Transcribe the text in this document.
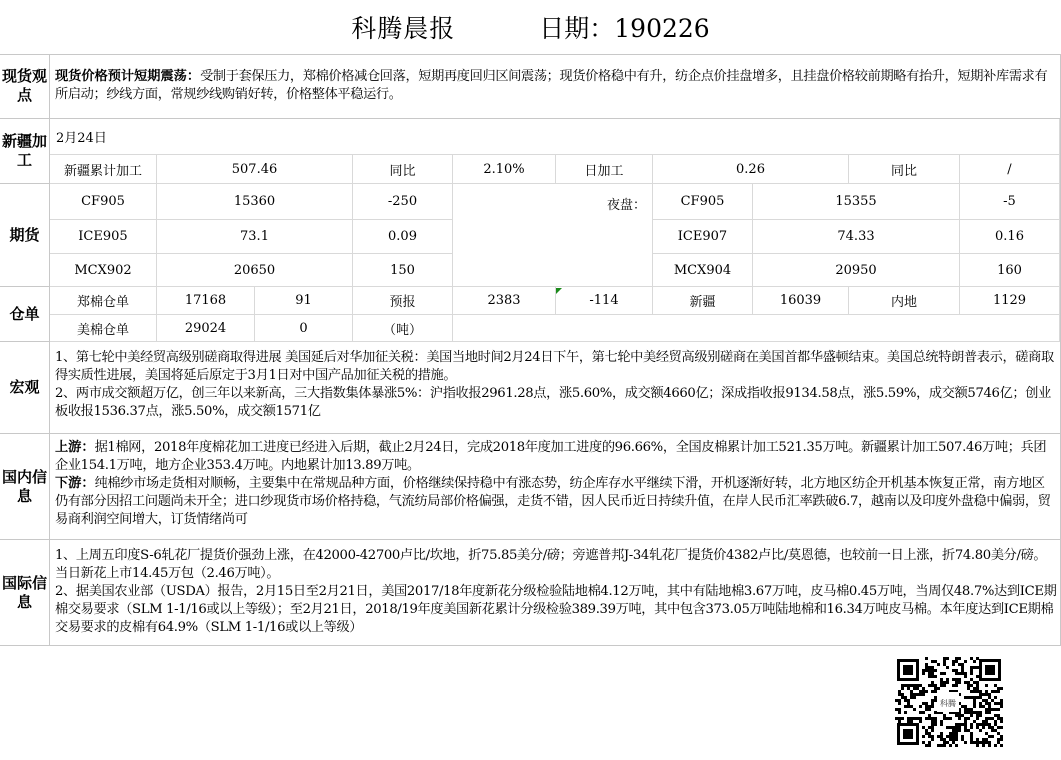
科腾晨报	日期：190226
现货观点
现货价格预计短期震荡：受制于套保压力，郑棉价格减仓回落，短期再度回归区间震荡；现货价格稳中有升，纺企点价挂盘增多，且挂盘价格较前期略有抬升，短期补库需求有所启动；纱线方面，常规纱线购销好转，价格整体平稳运行。
新疆加工
2月24日
新疆累计加工	507.46	同比	2.10%	日加工	0.26	同比	/
期货
CF905	15360	-250	夜盘：	CF905	15355	-5
ICE905	73.1	0.09	ICE907	74.33	0.16
MCX902	20650	150	MCX904	20950	160
仓单
郑棉仓单	17168	91	预报	2383	-114	新疆	16039	内地	1129
美棉仓单	29024	0	（吨）
宏观
1、第七轮中美经贸高级别磋商取得进展 美国延后对华加征关税：美国当地时间2月24日下午，第七轮中美经贸高级别磋商在美国首都华盛顿结束。美国总统特朗普表示，磋商取得实质性进展，美国将延后原定于3月1日对中国产品加征关税的措施。
2、两市成交额超万亿，创三年以来新高，三大指数集体暴涨5%：沪指收报2961.28点，涨5.60%，成交额4660亿；深成指收报9134.58点，涨5.59%，成交额5746亿；创业板收报1536.37点，涨5.50%，成交额1571亿
国内信息
上游：据1棉网，2018年度棉花加工进度已经进入后期，截止2月24日，完成2018年度加工进度的96.66%，全国皮棉累计加工521.35万吨。新疆累计加工507.46万吨；兵团企业154.1万吨，地方企业353.4万吨。内地累计加13.89万吨。
下游：纯棉纱市场走货相对顺畅，主要集中在常规品种方面，价格继续保持稳中有涨态势，纺企库存水平继续下滑，开机逐渐好转，北方地区纺企开机基本恢复正常，南方地区仍有部分因招工问题尚未开全；进口纱现货市场价格持稳，气流纺局部价格偏强，走货不错，因人民币近日持续升值，在岸人民币汇率跌破6.7，越南以及印度外盘稳中偏弱，贸易商利润空间增大，订货情绪尚可
国际信息
1、上周五印度S-6轧花厂提货价强劲上涨，在42000-42700卢比/坎地，折75.85美分/磅；旁遮普邦J-34轧花厂提货价4382卢比/莫恩德，也较前一日上涨，折74.80美分/磅。当日新花上市14.45万包（2.46万吨）。
2、据美国农业部（USDA）报告，2月15日至2月21日，美国2017/18年度新花分级检验陆地棉4.12万吨，其中有陆地棉3.67万吨，皮马棉0.45万吨，当周仅48.7%达到ICE期棉交易要求（SLM 1-1/16或以上等级）；至2月21日，2018/19年度美国新花累计分级检验389.39万吨，其中包含373.05万吨陆地棉和16.34万吨皮马棉。本年度达到ICE期棉交易要求的皮棉有64.9%（SLM 1-1/16或以上等级）
科腾
